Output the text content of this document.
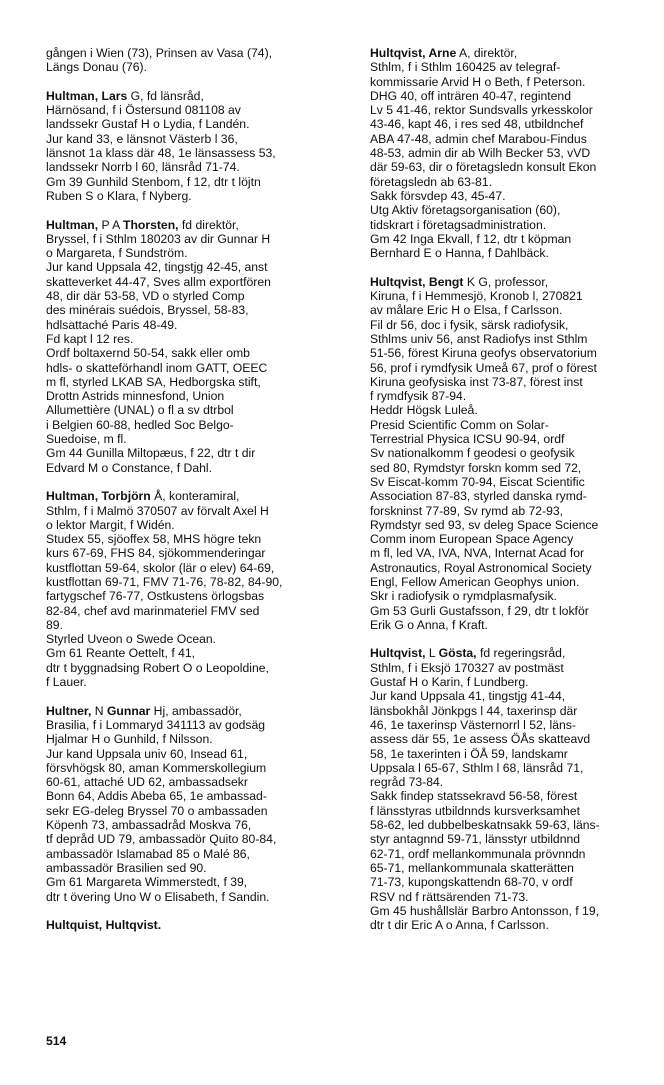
gången i Wien (73), Prinsen av Vasa (74),
Längs Donau (76).
Hultman, Lars G, fd länsråd,
Härnösand, f i Östersund 081108 av
landssekr Gustaf H o Lydia, f Landén.
Jur kand 33, e länsnot Västerb l 36,
länsnot 1a klass där 48, 1e länsassess 53,
landssekr Norrb l 60, länsråd 71-74.
Gm 39 Gunhild Stenbom, f 12, dtr t löjtn
Ruben S o Klara, f Nyberg.
Hultman, P A Thorsten, fd direktör,
Bryssel, f i Sthlm 180203 av dir Gunnar H
o Margareta, f Sundström.
Jur kand Uppsala 42, tingstjg 42-45, anst
skatteverket 44-47, Sves allm exportfören
48, dir där 53-58, VD o styrled Comp
des minérais suédois, Bryssel, 58-83,
hdlsattaché Paris 48-49.
Fd kapt l 12 res.
Ordf boltaxernd 50-54, sakk eller omb
hdls- o skatteförhandl inom GATT, OEEC
m fl, styrled LKAB SA, Hedborgska stift,
Drottn Astrids minnesfond, Union
Allumettière (UNAL) o fl a sv dtrbol
i Belgien 60-88, hedled Soc Belgo-
Suedoise, m fl.
Gm 44 Gunilla Miltopæus, f 22, dtr t dir
Edvard M o Constance, f Dahl.
Hultman, Torbjörn Å, konteramiral,
Sthlm, f i Malmö 370507 av förvalt Axel H
o lektor Margit, f Widén.
Studex 55, sjöoffex 58, MHS högre tekn
kurs 67-69, FHS 84, sjökommenderingar
kustflottan 59-64, skolor (lär o elev) 64-69,
kustflottan 69-71, FMV 71-76, 78-82, 84-90,
fartygschef 76-77, Ostkustens örlogsbas
82-84, chef avd marinmateriel FMV sed
89.
Styrled Uveon o Swede Ocean.
Gm 61 Reante Oettelt, f 41,
dtr t byggnadsing Robert O o Leopoldine,
f Lauer.
Hultner, N Gunnar Hj, ambassadör,
Brasilia, f i Lommaryd 341113 av godsäg
Hjalmar H o Gunhild, f Nilsson.
Jur kand Uppsala univ 60, Insead 61,
försvhögsk 80, aman Kommerskollegium
60-61, attaché UD 62, ambassadsekr
Bonn 64, Addis Abeba 65, 1e ambassad-
sekr EG-deleg Bryssel 70 o ambassaden
Köpenh 73, ambassadråd Moskva 76,
tf depråd UD 79, ambassadör Quito 80-84,
ambassadör Islamabad 85 o Malé 86,
ambassadör Brasilien sed 90.
Gm 61 Margareta Wimmerstedt, f 39,
dtr t övering Uno W o Elisabeth, f Sandin.
Hultquist, Hultqvist.
Hultqvist, Arne A, direktör,
Sthlm, f i Sthlm 160425 av telegraf-
kommissarie Arvid H o Beth, f Peterson.
DHG 40, off inträren 40-47, regintend
Lv 5 41-46, rektor Sundsvalls yrkesskolor
43-46, kapt 46, i res sed 48, utbildnchef
ABA 47-48, admin chef Marabou-Findus
48-53, admin dir ab Wilh Becker 53, vVD
där 59-63, dir o företagsledn konsult Ekon
företagsledn ab 63-81.
Sakk försvdep 43, 45-47.
Utg Aktiv företagsorganisation (60),
tidskrart i företagsadministration.
Gm 42 Inga Ekvall, f 12, dtr t köpman
Bernhard E o Hanna, f Dahlbäck.
Hultqvist, Bengt K G, professor,
Kiruna, f i Hemmesjö, Kronob l, 270821
av målare Eric H o Elsa, f Carlsson.
Fil dr 56, doc i fysik, särsk radiofysik,
Sthlms univ 56, anst Radiofys inst Sthlm
51-56, förest Kiruna geofys observatorium
56, prof i rymdfysik Umeå 67, prof o förest
Kiruna geofysiska inst 73-87, förest inst
f rymdfysik 87-94.
Heddr Högsk Luleå.
Presid Scientific Comm on Solar-
Terrestrial Physica ICSU 90-94, ordf
Sv nationalkomm f geodesi o geofysik
sed 80, Rymdstyr forskn komm sed 72,
Sv Eiscat-komm 70-94, Eiscat Scientific
Association 87-83, styrled danska rymd-
forskninst 77-89, Sv rymd ab 72-93,
Rymdstyr sed 93, sv deleg Space Science
Comm inom European Space Agency
m fl, led VA, IVA, NVA, Internat Acad for
Astronautics, Royal Astronomical Society
Engl, Fellow American Geophys union.
Skr i radiofysik o rymdplasmafysik.
Gm 53 Gurli Gustafsson, f 29, dtr t lokför
Erik G o Anna, f Kraft.
Hultqvist, L Gösta, fd regeringsråd,
Sthlm, f i Eksjö 170327 av postmäst
Gustaf H o Karin, f Lundberg.
Jur kand Uppsala 41, tingstjg 41-44,
länsbokhål Jönkpgs l 44, taxerinsp där
46, 1e taxerinsp Västernorrl l 52, läns-
assess där 55, 1e assess ÖÅs skatteavd
58, 1e taxerinten i ÖÅ 59, landskamr
Uppsala l 65-67, Sthlm l 68, länsråd 71,
regråd 73-84.
Sakk findep statssekravd 56-58, förest
f länsstyras utbildnnds kursverksamhet
58-62, led dubbelbeskatnsakk 59-63, läns-
styr antagnnd 59-71, länsstyr utbildnnd
62-71, ordf mellankommunala prövnndn
65-71, mellankommunala skatterätten
71-73, kupongskattendn 68-70, v ordf
RSV nd f rättsärenden 71-73.
Gm 45 hushållslär Barbro Antonsson, f 19,
dtr t dir Eric A o Anna, f Carlsson.
514
